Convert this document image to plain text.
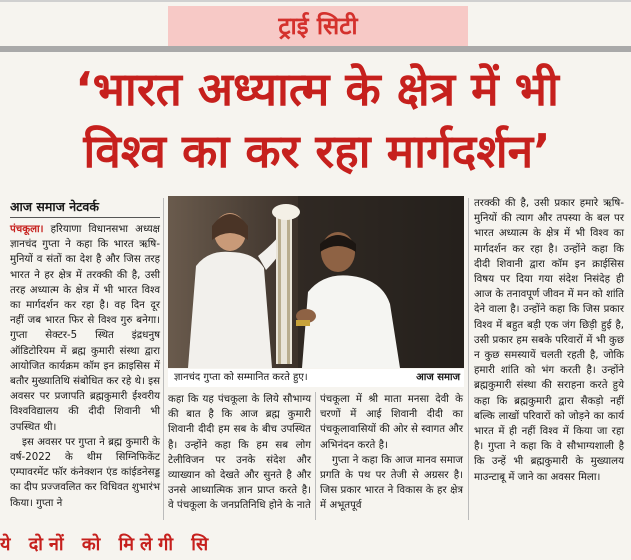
ट्राई सिटी
‘भारत अध्यात्म के क्षेत्र में भी
विश्व का कर रहा मार्गदर्शन’
आज समाज नेटवर्क

पंचकूला। हरियाणा विधानसभा अध्यक्ष ज्ञानचंद गुप्ता ने कहा कि भारत ऋषि-मुनियों व संतों का देश है और जिस तरह भारत ने हर क्षेत्र में तरक्की की है, उसी तरह अध्यात्म के क्षेत्र में भी भारत विश्व का मार्गदर्शन कर रहा है। वह दिन दूर नहीं जब भारत फिर से विश्व गुरु बनेगा। गुप्ता सेक्टर-5 स्थित इंद्रधनुष ऑडिटोरियम में ब्रह्म कुमारी संस्था द्वारा आयोजित कार्यक्रम कॉम इन क्राइसिस में बतौर मुख्यातिथि संबोधित कर रहे थे। इस अवसर पर प्रजापति ब्रह्मकुमारी ईश्वरीय विश्वविद्यालय की दीदी शिवानी भी उपस्थित थी।

इस अवसर पर गुप्ता ने ब्रह्म कुमारी के वर्ष-2022 के थीम सिग्निफिकेंट एम्पावरमेंट फॉर कंनेक्शन एंड कांईडनेसड्ड का दीप प्रज्जवलित कर विधिवत शुभारंभ किया। गुप्ता ने

ज्ञानचंद गुप्ता को सम्मानित करते हुए।	आज समाज

कहा कि यह पंचकूला के लिये सौभाग्य की बात है कि आज ब्रह्म कुमारी शिवानी दीदी हम सब के बीच उपस्थित है। उन्होंने कहा कि हम सब लोग टेलीविजन पर उनके संदेश और व्याख्यान को देखते और सुनते है और उनसे आध्यात्मिक ज्ञान प्राप्त करते है। वे पंचकूला के जनप्रतिनिधि होने के नाते

पंचकूला में श्री माता मनसा देवी के चरणों में आई शिवानी दीदी का पंचकूलावासियों की ओर से स्वागत और अभिनंदन करते है।

गुप्ता ने कहा कि आज मानव समाज प्रगति के पथ पर तेजी से अग्रसर है। जिस प्रकार भारत ने विकास के हर क्षेत्र में अभूतपूर्व

तरक्की की है, उसी प्रकार हमारे ऋषि-मुनियों की त्याग और तपस्या के बल पर भारत अध्यात्म के क्षेत्र में भी विश्व का मार्गदर्शन कर रहा है। उन्होंने कहा कि दीदी शिवानी द्वारा कॉम इन क्राईसिस विषय पर दिया गया संदेश निसंदेह ही आज के तनावपूर्ण जीवन में मन को शांति देने वाला है। उन्होंने कहा कि जिस प्रकार विश्व में बहुत बड़ी एक जंग छिड़ी हुई है, उसी प्रकार हम सबके परिवारों में भी कुछ न कुछ समस्यायें चलती रहती है, जोकि हमारी शांति को भंग करती है। उन्होंने ब्रह्मकुमारी संस्था की सराहना करते हुये कहा कि ब्रह्मकुमारी द्वारा सैकड़ो नहीं बल्कि लाखों परिवारों को जोड़ने का कार्य भारत में ही नहीं विश्व में किया जा रहा है। गुप्ता ने कहा कि वे सौभाग्यशाली है कि उन्हें भी ब्रह्मकुमारी के मुख्यालय माउन्टाबू में जाने का अवसर मिला।

ये दोनों को मिलेगी सि
